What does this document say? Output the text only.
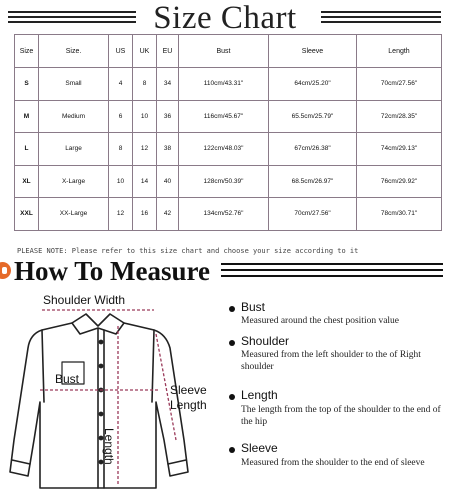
Size Chart
Size	Size.	US	UK	EU	Bust	Sleeve	Length
S	Small	4	8	34	110cm/43.31"	64cm/25.20"	70cm/27.56"
M	Medium	6	10	36	116cm/45.67"	65.5cm/25.79"	72cm/28.35"
L	Large	8	12	38	122cm/48.03"	67cm/26.38"	74cm/29.13"
XL	X-Large	10	14	40	128cm/50.39"	68.5cm/26.97"	76cm/29.92"
XXL	XX-Large	12	16	42	134cm/52.76"	70cm/27.56"	78cm/30.71"
PLEASE NOTE: Please refer to this size chart and choose your size according to it
How To Measure
Shoulder Width
Bust
Sleeve
Length
Length
Bust
Measured around the chest position value
Shoulder
Measured from the left shoulder to the of Right shoulder
Length
The length from the top of the shoulder to the end of the hip
Sleeve
Measured from the shoulder to the end of sleeve
